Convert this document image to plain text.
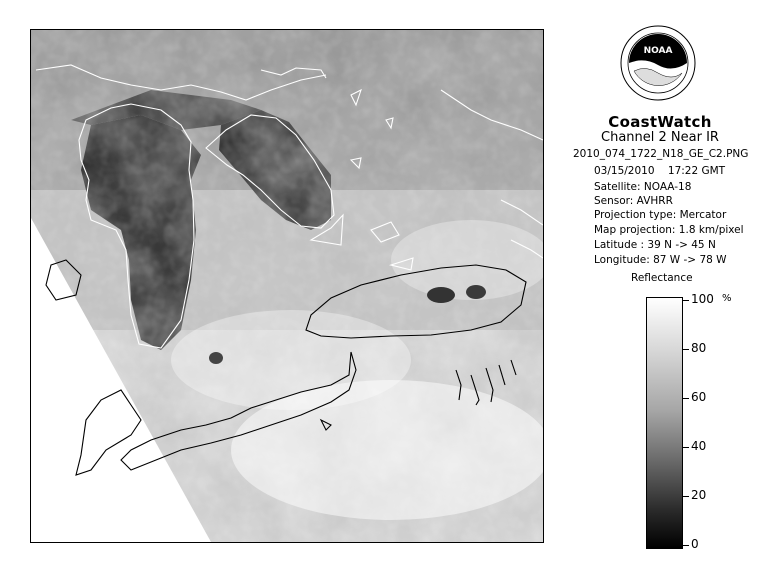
NOAA
CoastWatch
Channel 2 Near IR
2010_074_1722_N18_GE_C2.PNG
03/15/2010 17:22 GMT
Satellite: NOAA-18
Sensor: AVHRR
Projection type: Mercator
Map projection: 1.8 km/pixel
Latitude : 39 N -> 45 N
Longitude: 87 W -> 78 W
Reflectance
%
100
80
60
40
20
0
